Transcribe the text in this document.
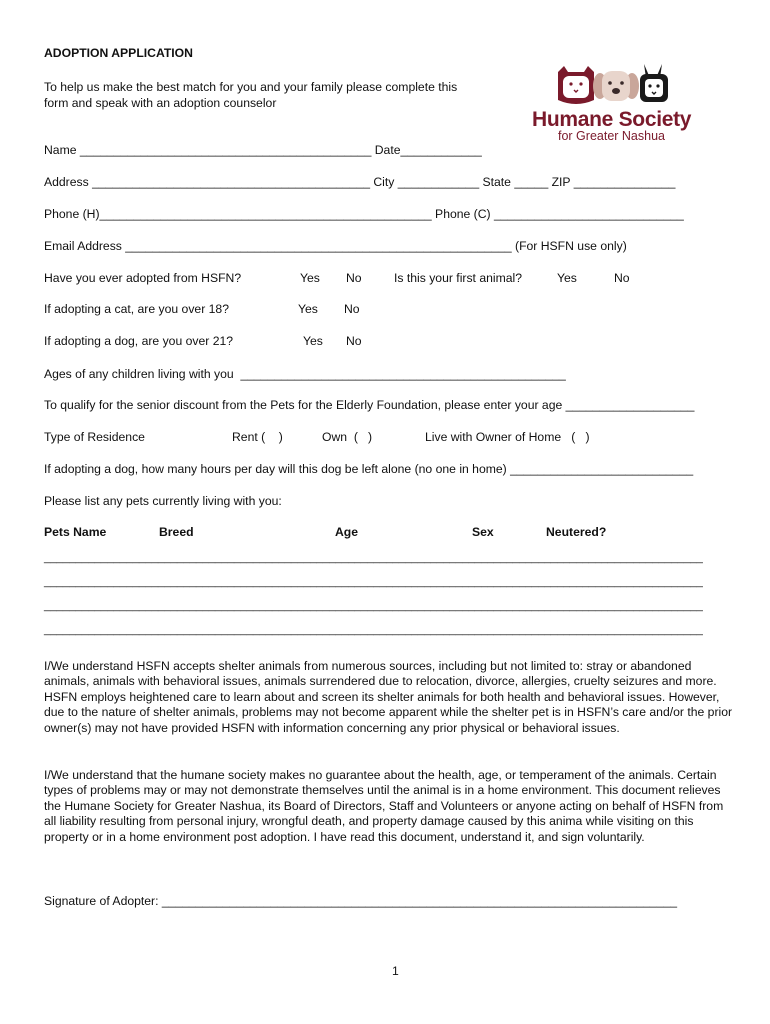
ADOPTION APPLICATION
To help us make the best match for you and your family please complete this
form and speak with an adoption counselor
Humane Society
for Greater Nashua
Name ___________________________________________ Date____________
Address _________________________________________ City ____________ State _____ ZIP _______________
Phone (H)_________________________________________________ Phone (C) ____________________________
Email Address _________________________________________________________ (For HSFN use only)
Have you ever adopted from HSFN?	Yes No	Is this your first animal?	Yes	No
If adopting a cat, are you over 18?	Yes No
If adopting a dog, are you over 21?	Yes No
Ages of any children living with you  ________________________________________________
To qualify for the senior discount from the Pets for the Elderly Foundation, please enter your age ___________________
Type of Residence	Rent (    )	Own  (   )	Live with Owner of Home   (   )
If adopting a dog, how many hours per day will this dog be left alone (no one in home) ___________________________
Please list any pets currently living with you:
Pets Name	Breed	Age	Sex	Neutered?
________________________________________________________________________________________________________
________________________________________________________________________________________________________
________________________________________________________________________________________________________
________________________________________________________________________________________________________
I/We understand HSFN accepts shelter animals from numerous sources, including but not limited to: stray or abandoned animals, animals with behavioral issues, animals surrendered due to relocation, divorce, allergies, cruelty seizures and more. HSFN employs heightened care to learn about and screen its shelter animals for both health and behavioral issues. However, due to the nature of shelter animals, problems may not become apparent while the shelter pet is in HSFN’s care and/or the prior owner(s) may not have provided HSFN with information concerning any prior physical or behavioral issues.
I/We understand that the humane society makes no guarantee about the health, age, or temperament of the animals. Certain types of problems may or may not demonstrate themselves until the animal is in a home environment. This document relieves the Humane Society for Greater Nashua, its Board of Directors, Staff and Volunteers or anyone acting on behalf of HSFN from all liability resulting from personal injury, wrongful death, and property damage caused by this anima while visiting on this property or in a home environment post adoption. I have read this document, understand it, and sign voluntarily.
Signature of Adopter: ____________________________________________________________________________
1
